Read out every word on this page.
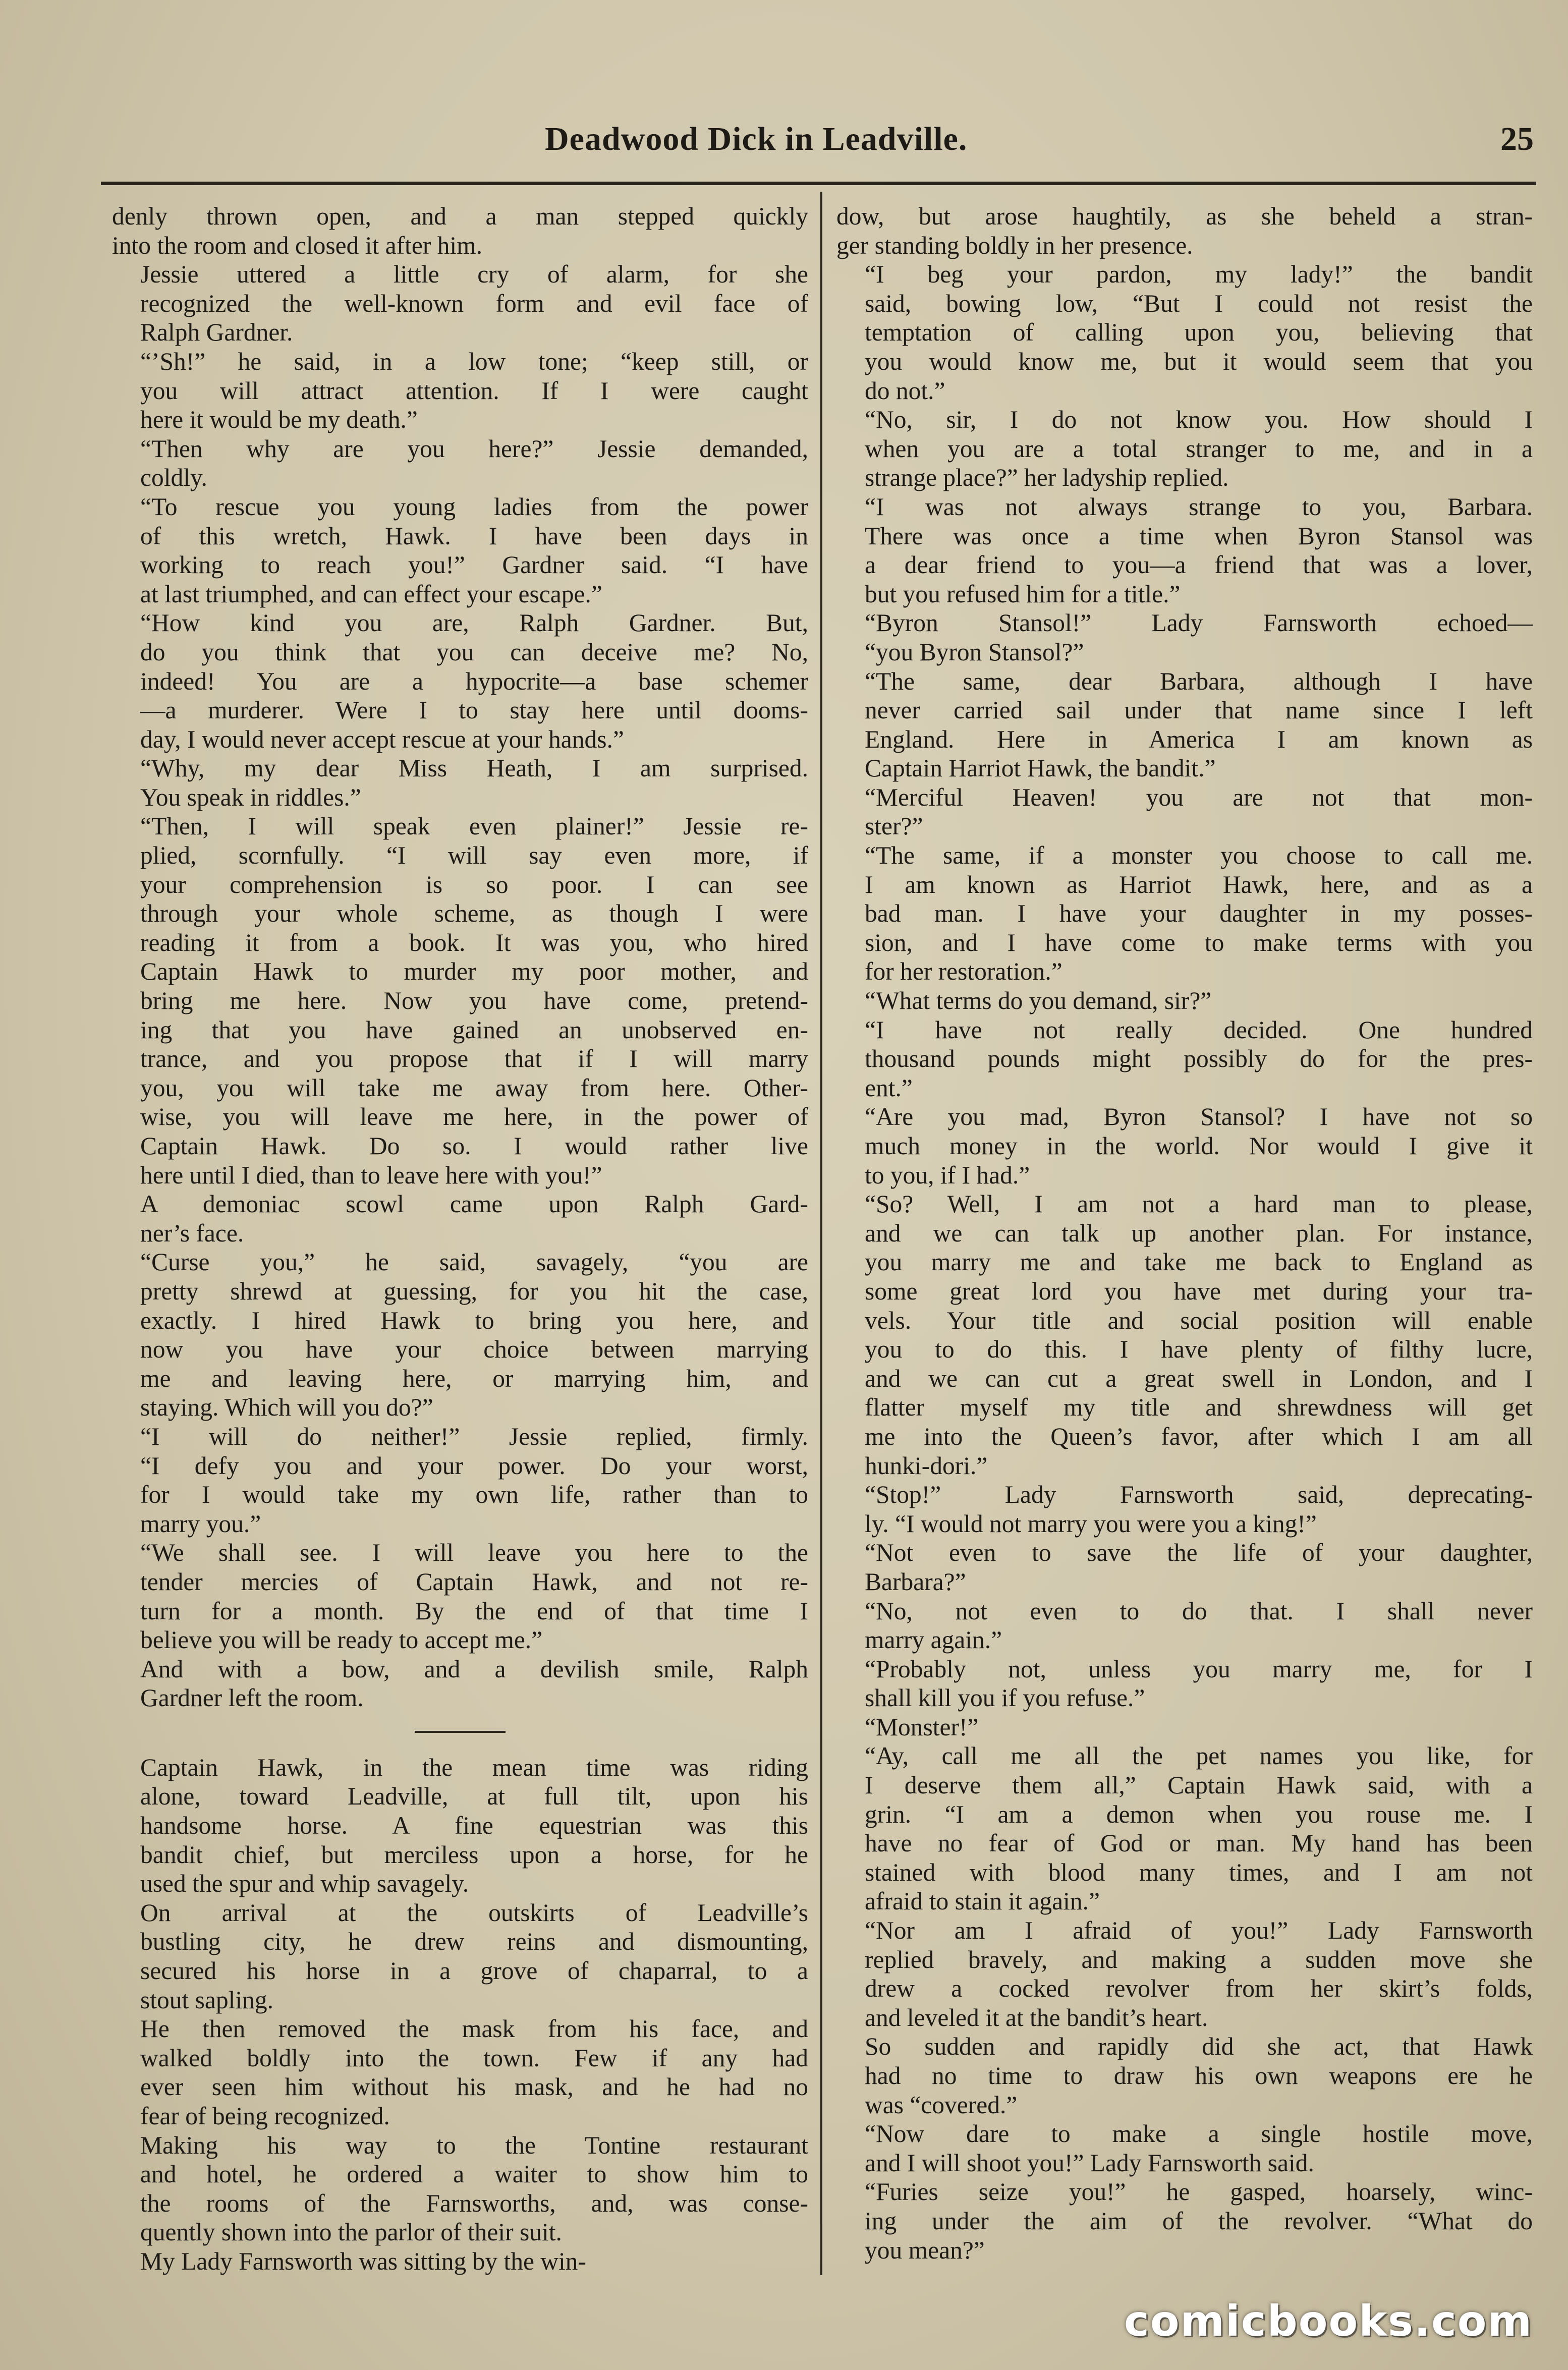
Deadwood Dick in Leadville.	25

denly thrown open, and a man stepped quickly
into the room and closed it after him.

Jessie uttered a little cry of alarm, for she
recognized the well-known form and evil face of
Ralph Gardner.

“’Sh!” he said, in a low tone; “keep still, or
you will attract attention. If I were caught
here it would be my death.”

“Then why are you here?” Jessie demanded,
coldly.

“To rescue you young ladies from the power
of this wretch, Hawk. I have been days in
working to reach you!” Gardner said. “I have
at last triumphed, and can effect your escape.”

“How kind you are, Ralph Gardner. But,
do you think that you can deceive me? No,
indeed! You are a hypocrite—a base schemer
—a murderer. Were I to stay here until dooms-
day, I would never accept rescue at your hands.”

“Why, my dear Miss Heath, I am surprised.
You speak in riddles.”

“Then, I will speak even plainer!” Jessie re-
plied, scornfully. “I will say even more, if
your comprehension is so poor. I can see
through your whole scheme, as though I were
reading it from a book. It was you, who hired
Captain Hawk to murder my poor mother, and
bring me here. Now you have come, pretend-
ing that you have gained an unobserved en-
trance, and you propose that if I will marry
you, you will take me away from here. Other-
wise, you will leave me here, in the power of
Captain Hawk. Do so. I would rather live
here until I died, than to leave here with you!”

A demoniac scowl came upon Ralph Gard-
ner’s face.

“Curse you,” he said, savagely, “you are
pretty shrewd at guessing, for you hit the case,
exactly. I hired Hawk to bring you here, and
now you have your choice between marrying
me and leaving here, or marrying him, and
staying. Which will you do?”

“I will do neither!” Jessie replied, firmly.
“I defy you and your power. Do your worst,
for I would take my own life, rather than to
marry you.”

“We shall see. I will leave you here to the
tender mercies of Captain Hawk, and not re-
turn for a month. By the end of that time I
believe you will be ready to accept me.”

And with a bow, and a devilish smile, Ralph
Gardner left the room.

Captain Hawk, in the mean time was riding
alone, toward Leadville, at full tilt, upon his
handsome horse. A fine equestrian was this
bandit chief, but merciless upon a horse, for he
used the spur and whip savagely.

On arrival at the outskirts of Leadville’s
bustling city, he drew reins and dismounting,
secured his horse in a grove of chaparral, to a
stout sapling.

He then removed the mask from his face, and
walked boldly into the town. Few if any had
ever seen him without his mask, and he had no
fear of being recognized.

Making his way to the Tontine restaurant
and hotel, he ordered a waiter to show him to
the rooms of the Farnsworths, and, was conse-
quently shown into the parlor of their suit.

My Lady Farnsworth was sitting by the win-

dow, but arose haughtily, as she beheld a stran-
ger standing boldly in her presence.

“I beg your pardon, my lady!” the bandit
said, bowing low, “But I could not resist the
temptation of calling upon you, believing that
you would know me, but it would seem that you
do not.”

“No, sir, I do not know you. How should I
when you are a total stranger to me, and in a
strange place?” her ladyship replied.

“I was not always strange to you, Barbara.
There was once a time when Byron Stansol was
a dear friend to you—a friend that was a lover,
but you refused him for a title.”

“Byron Stansol!” Lady Farnsworth echoed—
“you Byron Stansol?”

“The same, dear Barbara, although I have
never carried sail under that name since I left
England. Here in America I am known as
Captain Harriot Hawk, the bandit.”

“Merciful Heaven! you are not that mon-
ster?”

“The same, if a monster you choose to call me.
I am known as Harriot Hawk, here, and as a
bad man. I have your daughter in my posses-
sion, and I have come to make terms with you
for her restoration.”

“What terms do you demand, sir?”

“I have not really decided. One hundred
thousand pounds might possibly do for the pres-
ent.”

“Are you mad, Byron Stansol? I have not so
much money in the world. Nor would I give it
to you, if I had.”

“So? Well, I am not a hard man to please,
and we can talk up another plan. For instance,
you marry me and take me back to England as
some great lord you have met during your tra-
vels. Your title and social position will enable
you to do this. I have plenty of filthy lucre,
and we can cut a great swell in London, and I
flatter myself my title and shrewdness will get
me into the Queen’s favor, after which I am all
hunki-dori.”

“Stop!” Lady Farnsworth said, deprecating-
ly. “I would not marry you were you a king!”

“Not even to save the life of your daughter,
Barbara?”

“No, not even to do that. I shall never
marry again.”

“Probably not, unless you marry me, for I
shall kill you if you refuse.”

“Monster!”

“Ay, call me all the pet names you like, for
I deserve them all,” Captain Hawk said, with a
grin. “I am a demon when you rouse me. I
have no fear of God or man. My hand has been
stained with blood many times, and I am not
afraid to stain it again.”

“Nor am I afraid of you!” Lady Farnsworth
replied bravely, and making a sudden move she
drew a cocked revolver from her skirt’s folds,
and leveled it at the bandit’s heart.

So sudden and rapidly did she act, that Hawk
had no time to draw his own weapons ere he
was “covered.”

“Now dare to make a single hostile move,
and I will shoot you!” Lady Farnsworth said.

“Furies seize you!” he gasped, hoarsely, winc-
ing under the aim of the revolver. “What do
you mean?”

comicbooks.com
